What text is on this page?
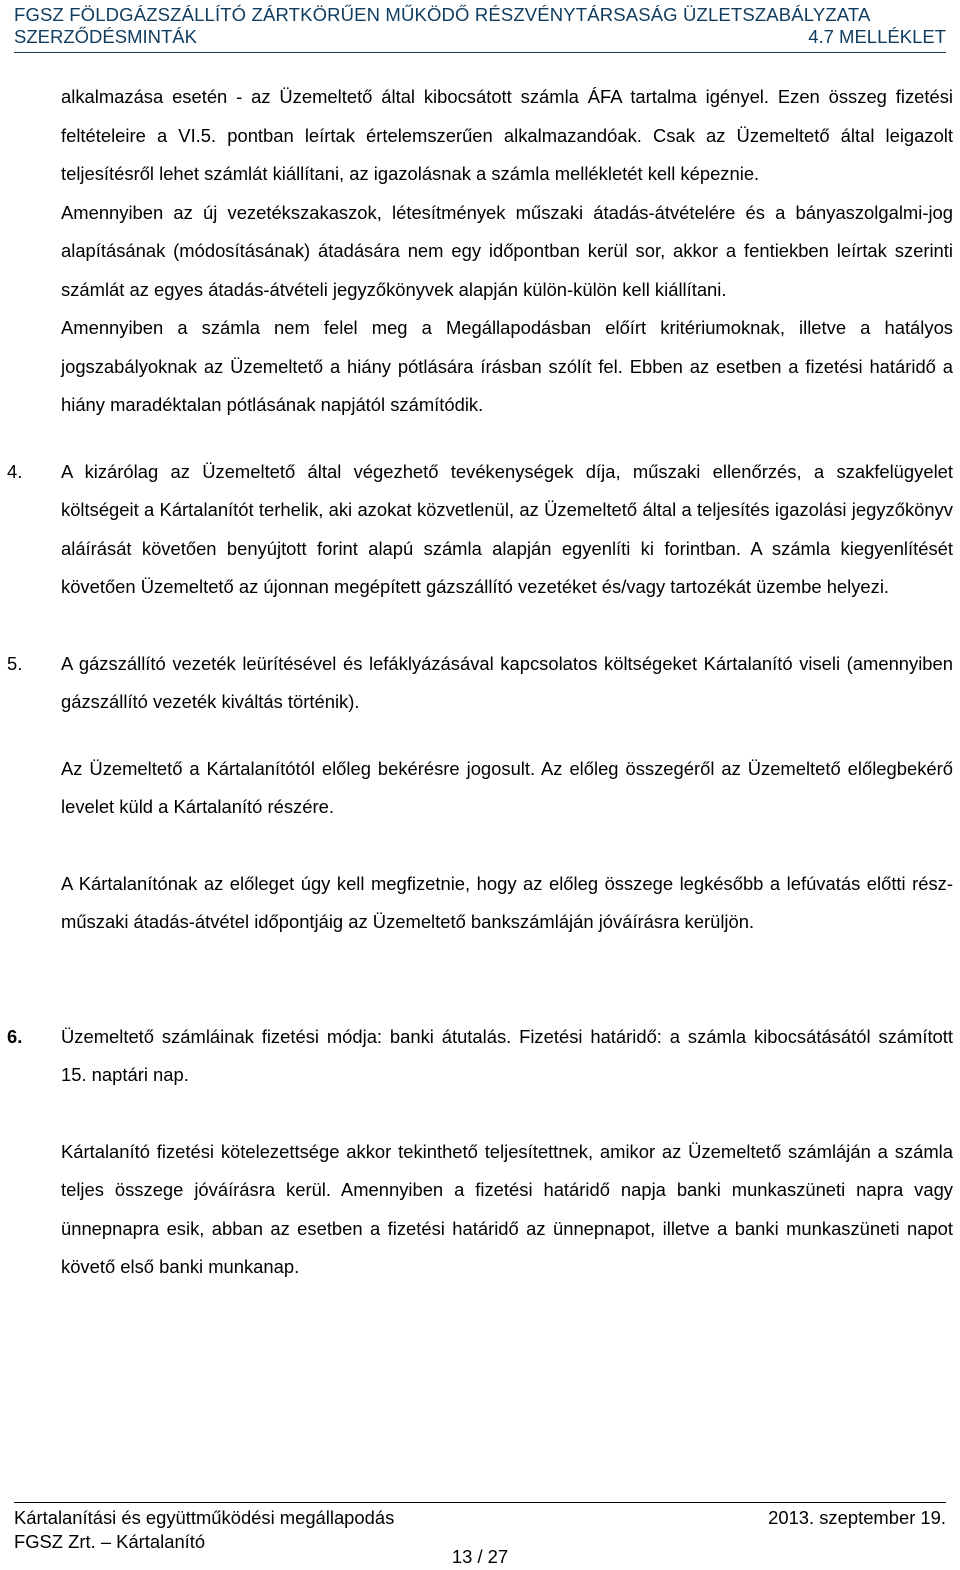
FGSZ FÖLDGÁZSZÁLLÍTÓ ZÁRTKÖRŰEN MŰKÖDŐ RÉSZVÉNYTÁRSASÁG ÜZLETSZABÁLYZATA
SZERZŐDÉSMINTÁK	4.7 MELLÉKLET

alkalmazása esetén - az Üzemeltető által kibocsátott számla ÁFA tartalma igényel. Ezen összeg fizetési feltételeire a VI.5. pontban leírtak értelemszerűen alkalmazandóak. Csak az Üzemeltető által leigazolt teljesítésről lehet számlát kiállítani, az igazolásnak a számla mellékletét kell képeznie.

Amennyiben az új vezetékszakaszok, létesítmények műszaki átadás-átvételére és a bányaszolgalmi-jog alapításának (módosításának) átadására nem egy időpontban kerül sor, akkor a fentiekben leírtak szerinti számlát az egyes átadás-átvételi jegyzőkönyvek alapján külön-külön kell kiállítani.

Amennyiben a számla nem felel meg a Megállapodásban előírt kritériumoknak, illetve a hatályos jogszabályoknak az Üzemeltető a hiány pótlására írásban szólít fel. Ebben az esetben a fizetési határidő a hiány maradéktalan pótlásának napjától számítódik.

4. A kizárólag az Üzemeltető által végezhető tevékenységek díja, műszaki ellenőrzés, a szakfelügyelet költségeit a Kártalanítót terhelik, aki azokat közvetlenül, az Üzemeltető által a teljesítés igazolási jegyzőkönyv aláírását követően benyújtott forint alapú számla alapján egyenlíti ki forintban. A számla kiegyenlítését követően Üzemeltető az újonnan megépített gázszállító vezetéket és/vagy tartozékát üzembe helyezi.

5. A gázszállító vezeték leürítésével és lefáklyázásával kapcsolatos költségeket Kártalanító viseli (amennyiben gázszállító vezeték kiváltás történik).

Az Üzemeltető a Kártalanítótól előleg bekérésre jogosult. Az előleg összegéről az Üzemeltető előlegbekérő levelet küld a Kártalanító részére.

A Kártalanítónak az előleget úgy kell megfizetnie, hogy az előleg összege legkésőbb a lefúvatás előtti rész-műszaki átadás-átvétel időpontjáig az Üzemeltető bankszámláján jóváírásra kerüljön.

6. Üzemeltető számláinak fizetési módja: banki átutalás. Fizetési határidő: a számla kibocsátásától számított 15. naptári nap.

Kártalanító fizetési kötelezettsége akkor tekinthető teljesítettnek, amikor az Üzemeltető számláján a számla teljes összege jóváírásra kerül. Amennyiben a fizetési határidő napja banki munkaszüneti napra vagy ünnepnapra esik, abban az esetben a fizetési határidő az ünnepnapot, illetve a banki munkaszüneti napot követő első banki munkanap.

Kártalanítási és együttműködési megállapodás	2013. szeptember 19.
FGSZ Zrt. – Kártalanító
13 / 27
